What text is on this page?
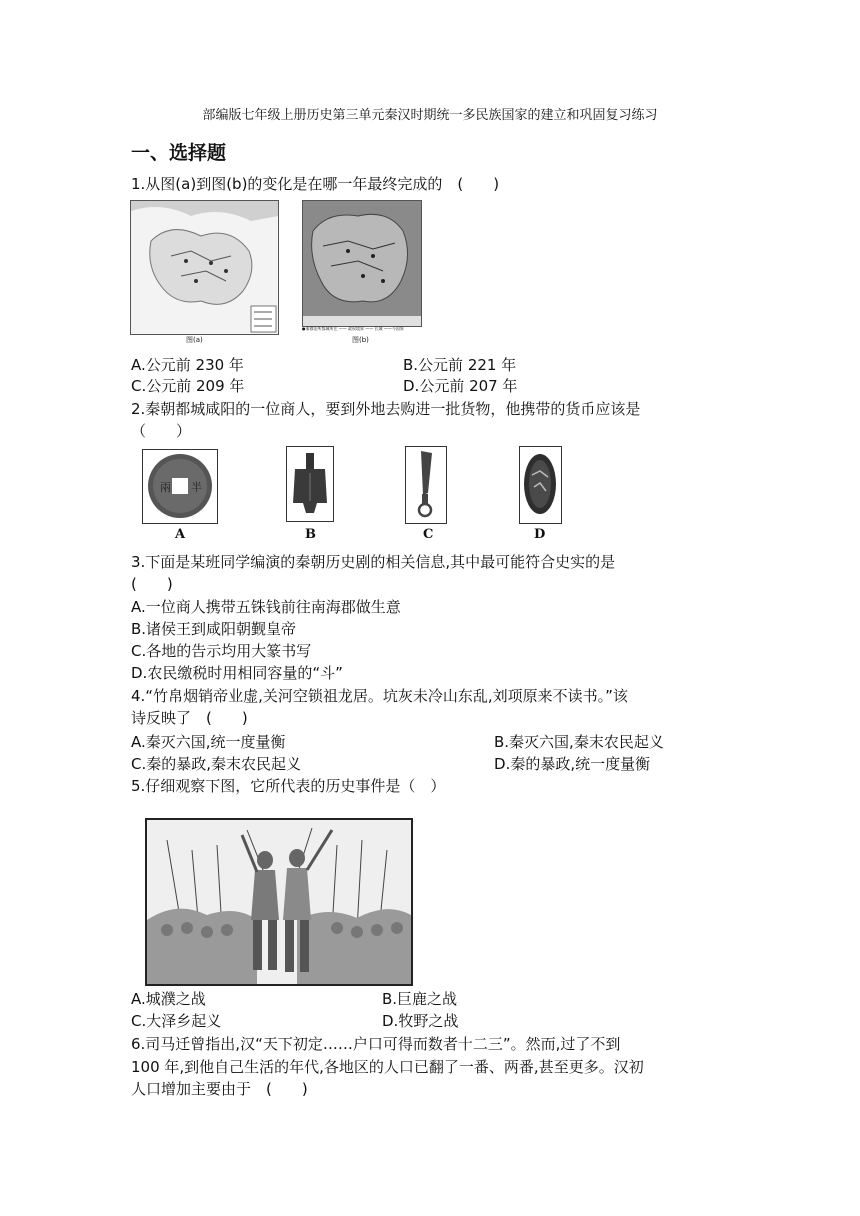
部编版七年级上册历史第三单元秦汉时期统一多民族国家的建立和巩固复习练习
一、选择题
1.从图(a)到图(b)的变化是在哪一年最终完成的　(　　)
图(a)
●秦郡治所都城所在 —— 政权境界 —— 长城 ——今国界
图(b)
A.公元前 230 年	B.公元前 221 年
C.公元前 209 年	D.公元前 207 年
2.秦朝都城咸阳的一位商人，要到外地去购进一批货物，他携带的货币应该是
（　　）
兩 半
A	B	C	D
3.下面是某班同学编演的秦朝历史剧的相关信息,其中最可能符合史实的是
(　　)
A.一位商人携带五铢钱前往南海郡做生意
B.诸侯王到咸阳朝觐皇帝
C.各地的告示均用大篆书写
D.农民缴税时用相同容量的“斗”
4.“竹帛烟销帝业虚,关河空锁祖龙居。坑灰未冷山东乱,刘项原来不读书。”该
诗反映了　(　　)
A.秦灭六国,统一度量衡	B.秦灭六国,秦末农民起义
C.秦的暴政,秦末农民起义	D.秦的暴政,统一度量衡
5.仔细观察下图，它所代表的历史事件是（　）
A.城濮之战	B.巨鹿之战
C.大泽乡起义	D.牧野之战
6.司马迁曾指出,汉“天下初定……户口可得而数者十二三”。然而,过了不到
100 年,到他自己生活的年代,各地区的人口已翻了一番、两番,甚至更多。汉初
人口增加主要由于　(　　)
